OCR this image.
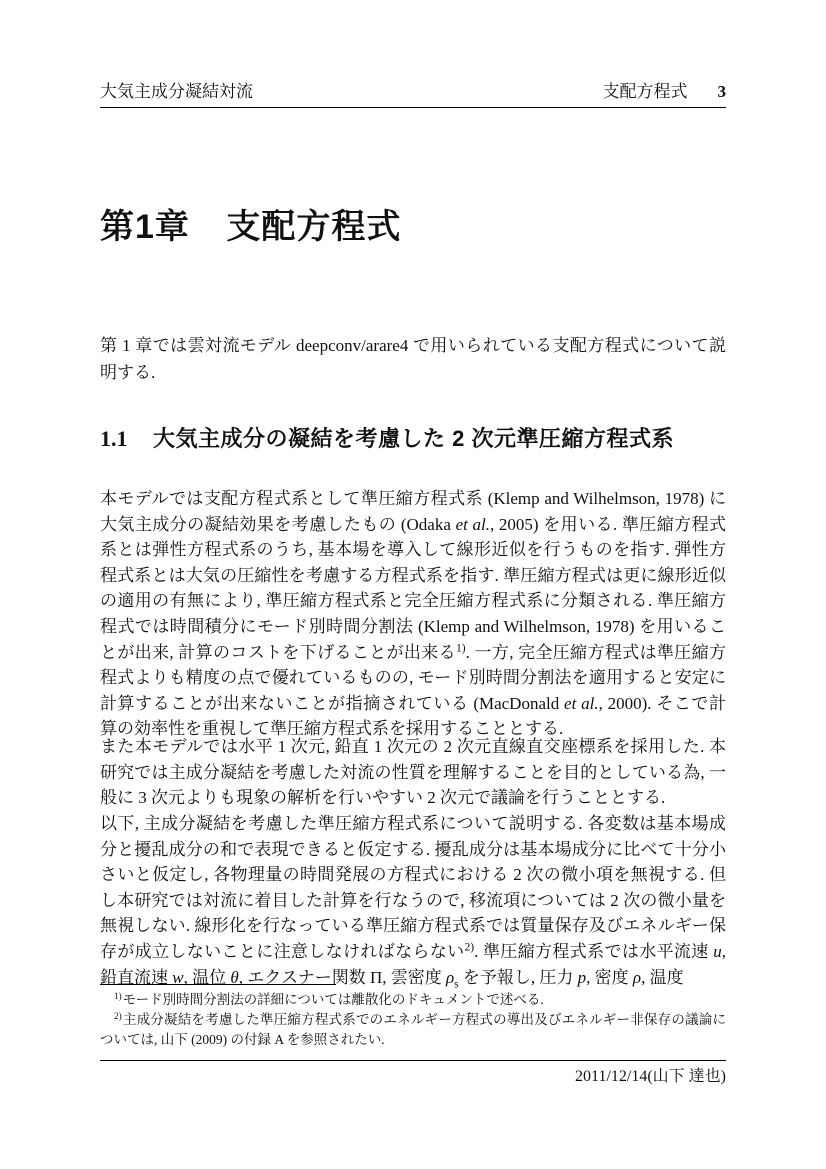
大気主成分凝結対流	支配方程式 3
第1章 支配方程式

第 1 章では雲対流モデル deepconv/arare4 で用いられている支配方程式について説明する.

1.1 大気主成分の凝結を考慮した 2 次元準圧縮方程式系

本モデルでは支配方程式系として準圧縮方程式系 (Klemp and Wilhelmson, 1978) に大気主成分の凝結効果を考慮したもの (Odaka et al., 2005) を用いる. 準圧縮方程式系とは弾性方程式系のうち, 基本場を導入して線形近似を行うものを指す. 弾性方程式系とは大気の圧縮性を考慮する方程式系を指す. 準圧縮方程式は更に線形近似の適用の有無により, 準圧縮方程式系と完全圧縮方程式系に分類される. 準圧縮方程式では時間積分にモード別時間分割法 (Klemp and Wilhelmson, 1978) を用いることが出来, 計算のコストを下げることが出来る$^{1)}$. 一方, 完全圧縮方程式は準圧縮方程式よりも精度の点で優れているものの, モード別時間分割法を適用すると安定に計算することが出来ないことが指摘されている (MacDonald et al., 2000). そこで計算の効率性を重視して準圧縮方程式系を採用することとする.

また本モデルでは水平 1 次元, 鉛直 1 次元の 2 次元直線直交座標系を採用した. 本研究では主成分凝結を考慮した対流の性質を理解することを目的としている為, 一般に 3 次元よりも現象の解析を行いやすい 2 次元で議論を行うこととする.

以下, 主成分凝結を考慮した準圧縮方程式系について説明する. 各変数は基本場成分と擾乱成分の和で表現できると仮定する. 擾乱成分は基本場成分に比べて十分小さいと仮定し, 各物理量の時間発展の方程式における 2 次の微小項を無視する. 但し本研究では対流に着目した計算を行なうので, 移流項については 2 次の微小量を無視しない. 線形化を行なっている準圧縮方程式系では質量保存及びエネルギー保存が成立しないことに注意しなければならない$^{2)}$. 準圧縮方程式系では水平流速 u, 鉛直流速 w, 温位 θ, エクスナー関数 Π, 雲密度 $\rho_s$ を予報し, 圧力 p, 密度 ρ, 温度

$^{1)}$モード別時間分割法の詳細については離散化のドキュメントで述べる.

$^{2)}$主成分凝結を考慮した準圧縮方程式系でのエネルギー方程式の導出及びエネルギー非保存の議論については, 山下 (2009) の付録 A を参照されたい.

2011/12/14(山下 達也)
